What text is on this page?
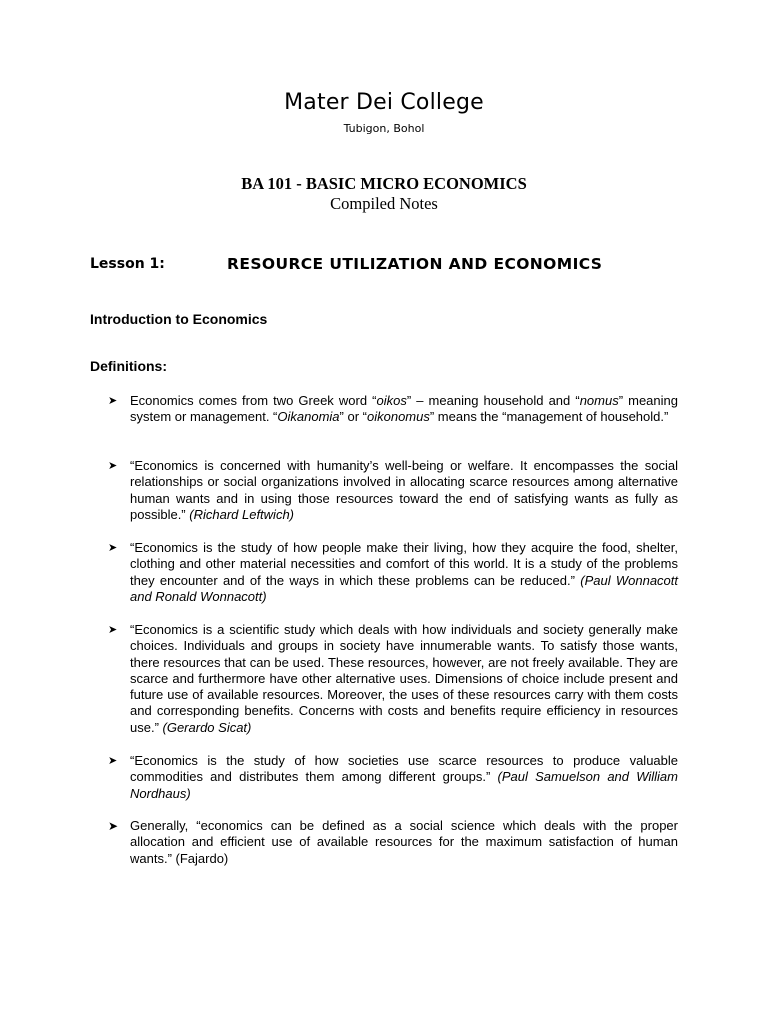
Mater Dei College
Tubigon, Bohol
BA 101 - BASIC MICRO ECONOMICS
Compiled Notes
Lesson 1:	RESOURCE UTILIZATION AND ECONOMICS
Introduction to Economics
Definitions:
➤ Economics comes from two Greek word “oikos” – meaning household and “nomus” meaning system or management. “Oikanomia” or “oikonomus” means the “management of household.”
➤ “Economics is concerned with humanity’s well-being or welfare. It encompasses the social relationships or social organizations involved in allocating scarce resources among alternative human wants and in using those resources toward the end of satisfying wants as fully as possible.” (Richard Leftwich)
➤ “Economics is the study of how people make their living, how they acquire the food, shelter, clothing and other material necessities and comfort of this world. It is a study of the problems they encounter and of the ways in which these problems can be reduced.” (Paul Wonnacott and Ronald Wonnacott)
➤ “Economics is a scientific study which deals with how individuals and society generally make choices. Individuals and groups in society have innumerable wants. To satisfy those wants, there resources that can be used. These resources, however, are not freely available. They are scarce and furthermore have other alternative uses. Dimensions of choice include present and future use of available resources. Moreover, the uses of these resources carry with them costs and corresponding benefits. Concerns with costs and benefits require efficiency in resources use.” (Gerardo Sicat)
➤ “Economics is the study of how societies use scarce resources to produce valuable commodities and distributes them among different groups.” (Paul Samuelson and William Nordhaus)
➤ Generally, “economics can be defined as a social science which deals with the proper allocation and efficient use of available resources for the maximum satisfaction of human wants.” (Fajardo)
